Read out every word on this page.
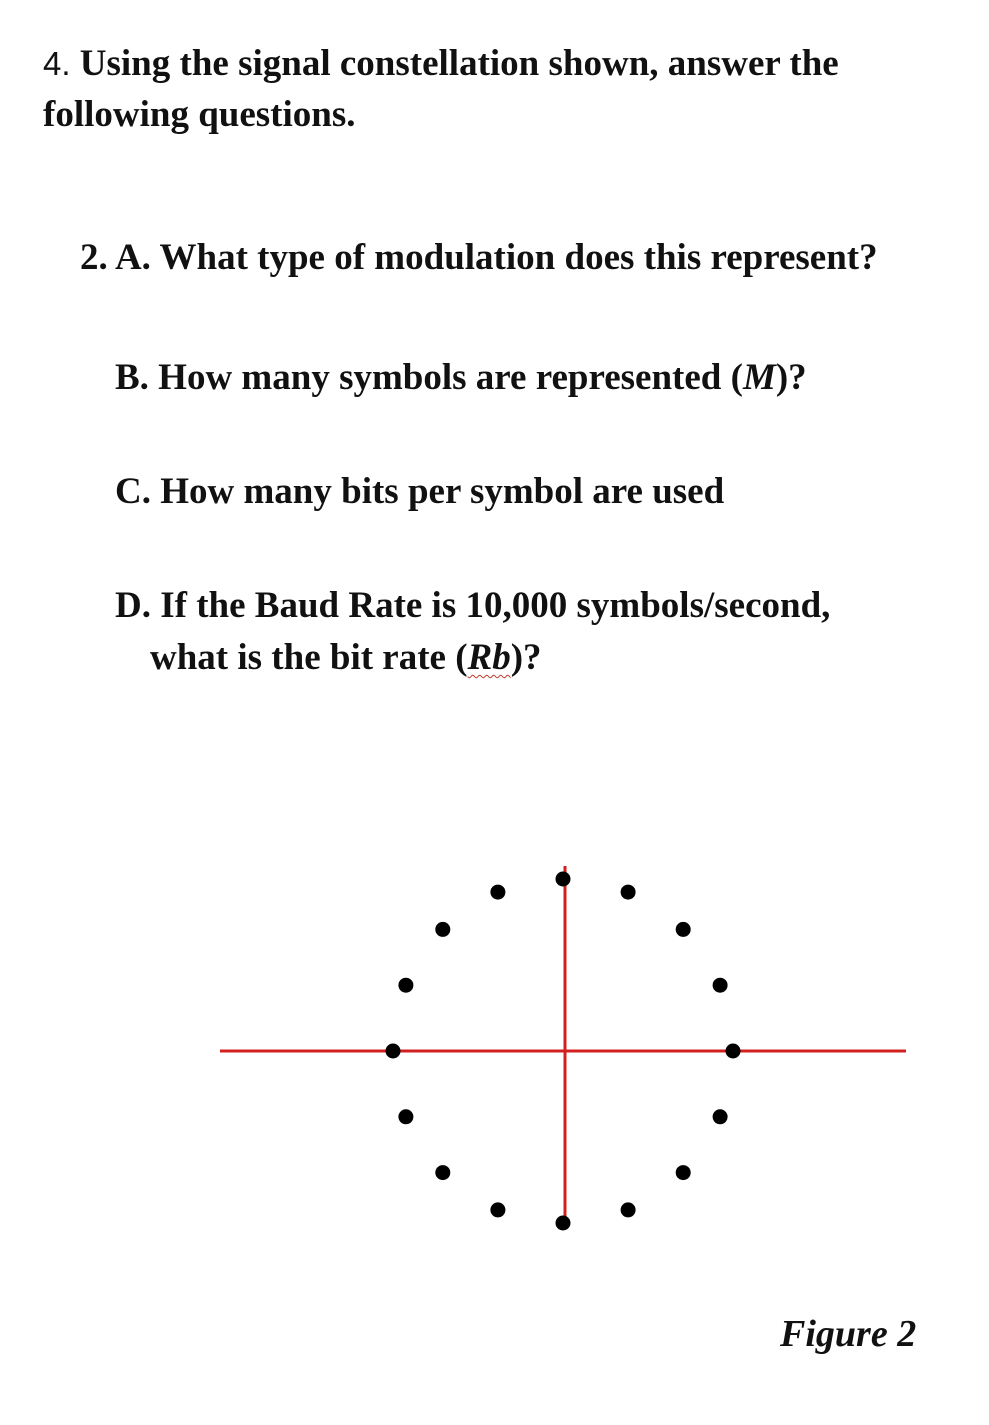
4. Using the signal constellation shown, answer the following questions.
2. A. What type of modulation does this represent?
B. How many symbols are represented (M)?
C. How many bits per symbol are used
D. If the Baud Rate is 10,000 symbols/second,
what is the bit rate (Rb)?
Figure 2
